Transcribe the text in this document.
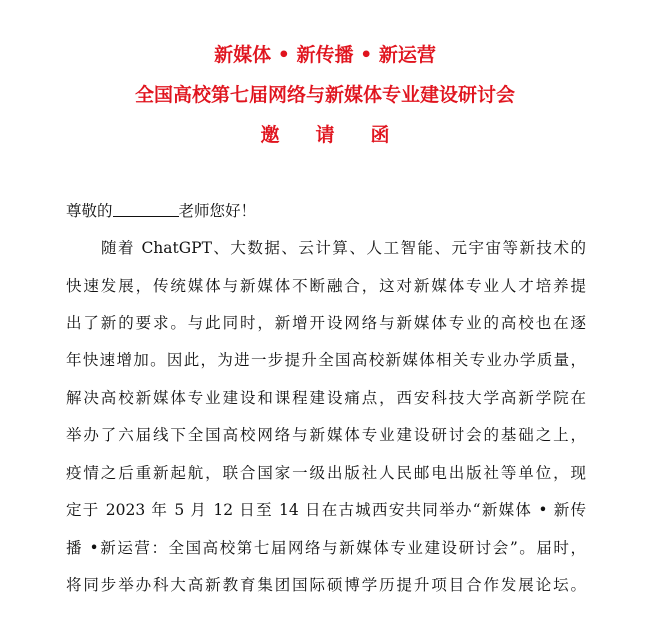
新媒体 • 新传播 • 新运营
全国高校第七届网络与新媒体专业建设研讨会
邀请函
尊敬的	老师您好！
随着 ChatGPT、大数据、云计算、人工智能、元宇宙等新技术的
快速发展，传统媒体与新媒体不断融合，这对新媒体专业人才培养提
出了新的要求。与此同时，新增开设网络与新媒体专业的高校也在逐
年快速增加。因此，为进一步提升全国高校新媒体相关专业办学质量，
解决高校新媒体专业建设和课程建设痛点，西安科技大学高新学院在
举办了六届线下全国高校网络与新媒体专业建设研讨会的基础之上，
疫情之后重新起航，联合国家一级出版社人民邮电出版社等单位，现
定于 2023 年 5 月 12 日至 14 日在古城西安共同举办“新媒体 • 新传
播 •新运营：全国高校第七届网络与新媒体专业建设研讨会”。届时，
将同步举办科大高新教育集团国际硕博学历提升项目合作发展论坛。
